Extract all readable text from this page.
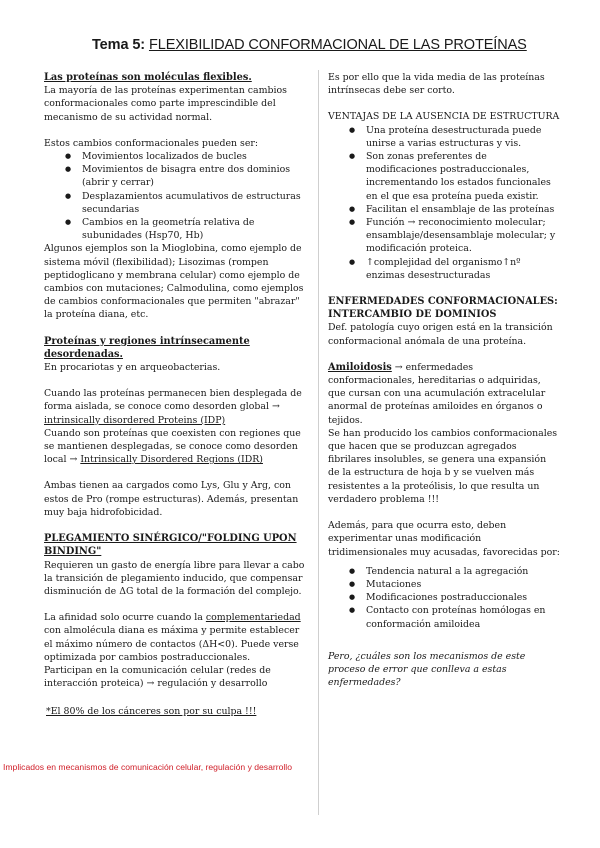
Tema 5: FLEXIBILIDAD CONFORMACIONAL DE LAS PROTEÍNAS

Las proteínas son moléculas flexibles.

La mayoría de las proteínas experimentan cambios conformacionales como parte imprescindible del mecanismo de su actividad normal.

Estos cambios conformacionales pueden ser:

● Movimientos localizados de bucles
● Movimientos de bisagra entre dos dominios (abrir y cerrar)
● Desplazamientos acumulativos de estructuras secundarias
● Cambios en la geometría relativa de subunidades (Hsp70, Hb)

Algunos ejemplos son la Mioglobina, como ejemplo de sistema móvil (flexibilidad); Lisozimas (rompen peptidoglicano y membrana celular) como ejemplo de cambios con mutaciones; Calmodulina, como ejemplos de cambios conformacionales que permiten "abrazar" la proteína diana, etc.

Proteínas y regiones intrínsecamente desordenadas.

En procariotas y en arqueobacterias.

Cuando las proteínas permanecen bien desplegada de forma aislada, se conoce como desorden global → intrinsically disordered Proteins (IDP)

Cuando son proteínas que coexisten con regiones que se mantienen desplegadas, se conoce como desorden local → Intrinsically Disordered Regions (IDR)

Ambas tienen aa cargados como Lys, Glu y Arg, con estos de Pro (rompe estructuras). Además, presentan muy baja hidrofobicidad.

PLEGAMIENTO SINÉRGICO/"FOLDING UPON BINDING"

Requieren un gasto de energía libre para llevar a cabo la transición de plegamiento inducido, que compensar disminución de ΔG total de la formación del complejo.

La afinidad solo ocurre cuando la complementariedad con almolécula diana es máxima y permite establecer el máximo número de contactos (ΔH<0). Puede verse optimizada por cambios postraduccionales.

Participan en la comunicación celular (redes de interacción proteica) → regulación y desarrollo

*El 80% de los cánceres son por su culpa !!!

Implicados en mecanismos de comunicación celular, regulación y desarrollo

Es por ello que la vida media de las proteínas intrínsecas debe ser corto.

VENTAJAS DE LA AUSENCIA DE ESTRUCTURA

● Una proteína desestructurada puede unirse a varias estructuras y vis.
● Son zonas preferentes de modificaciones postraduccionales, incrementando los estados funcionales en el que esa proteína pueda existir.
● Facilitan el ensamblaje de las proteínas
● Función → reconocimiento molecular; ensamblaje/desensamblaje molecular; y modificación proteica.
● ↑complejidad del organismo↑nº enzimas desestructuradas

ENFERMEDADES CONFORMACIONALES: INTERCAMBIO DE DOMINIOS

Def. patología cuyo origen está en la transición conformacional anómala de una proteína.

Amiloidosis → enfermedades conformacionales, hereditarias o adquiridas, que cursan con una acumulación extracelular anormal de proteínas amiloides en órganos o tejidos.

Se han producido los cambios conformacionales que hacen que se produzcan agregados fibrilares insolubles, se genera una expansión de la estructura de hoja b y se vuelven más resistentes a la proteólisis, lo que resulta un verdadero problema !!!

Además, para que ocurra esto, deben experimentar unas modificación tridimensionales muy acusadas, favorecidas por:

● Tendencia natural a la agregación
● Mutaciones
● Modificaciones postraduccionales
● Contacto con proteínas homólogas en conformación amiloidea

Pero, ¿cuáles son los mecanismos de este proceso de error que conlleva a estas enfermedades?
